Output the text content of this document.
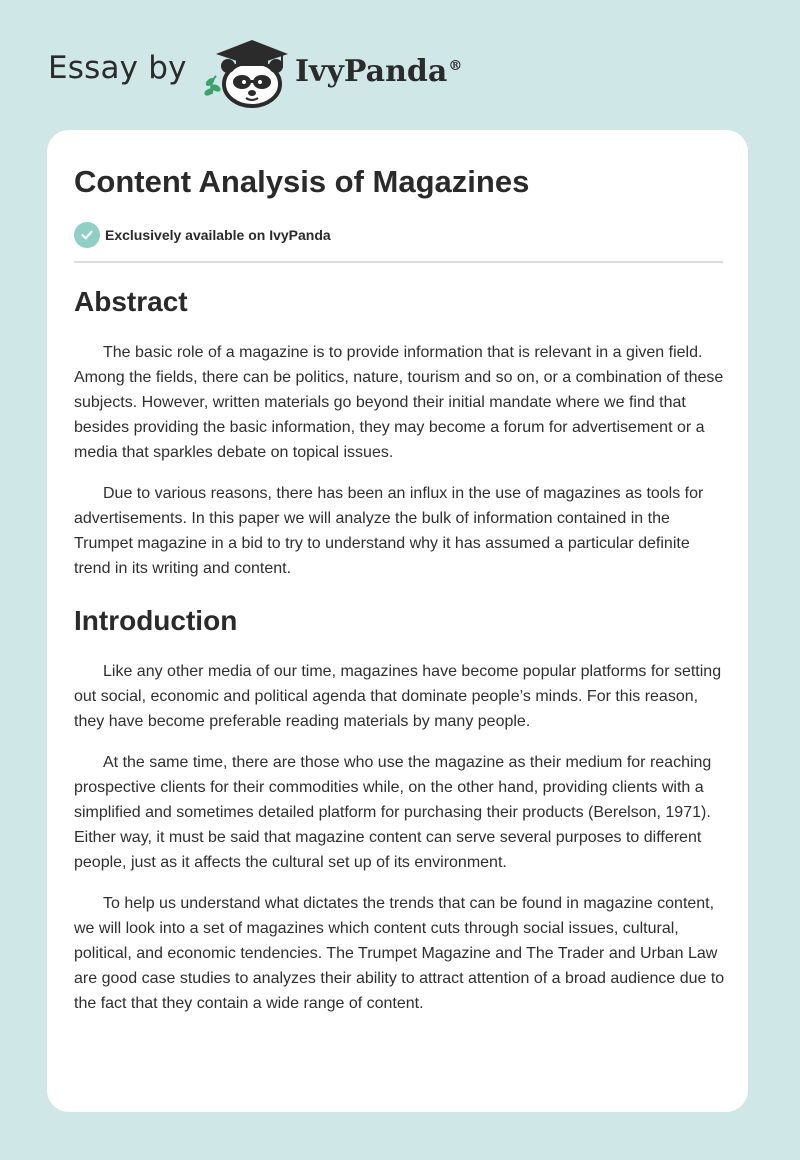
Essay by	IvyPanda®
Content Analysis of Magazines
Exclusively available on IvyPanda
Abstract

The basic role of a magazine is to provide information that is relevant in a given field. Among the fields, there can be politics, nature, tourism and so on, or a combination of these subjects. However, written materials go beyond their initial mandate where we find that besides providing the basic information, they may become a forum for advertisement or a media that sparkles debate on topical issues.

Due to various reasons, there has been an influx in the use of magazines as tools for advertisements. In this paper we will analyze the bulk of information contained in the Trumpet magazine in a bid to try to understand why it has assumed a particular definite trend in its writing and content.

Introduction

Like any other media of our time, magazines have become popular platforms for setting out social, economic and political agenda that dominate people’s minds. For this reason, they have become preferable reading materials by many people.

At the same time, there are those who use the magazine as their medium for reaching prospective clients for their commodities while, on the other hand, providing clients with a simplified and sometimes detailed platform for purchasing their products (Berelson, 1971). Either way, it must be said that magazine content can serve several purposes to different people, just as it affects the cultural set up of its environment.

To help us understand what dictates the trends that can be found in magazine content, we will look into a set of magazines which content cuts through social issues, cultural, political, and economic tendencies. The Trumpet Magazine and The Trader and Urban Law are good case studies to analyzes their ability to attract attention of a broad audience due to the fact that they contain a wide range of content.
